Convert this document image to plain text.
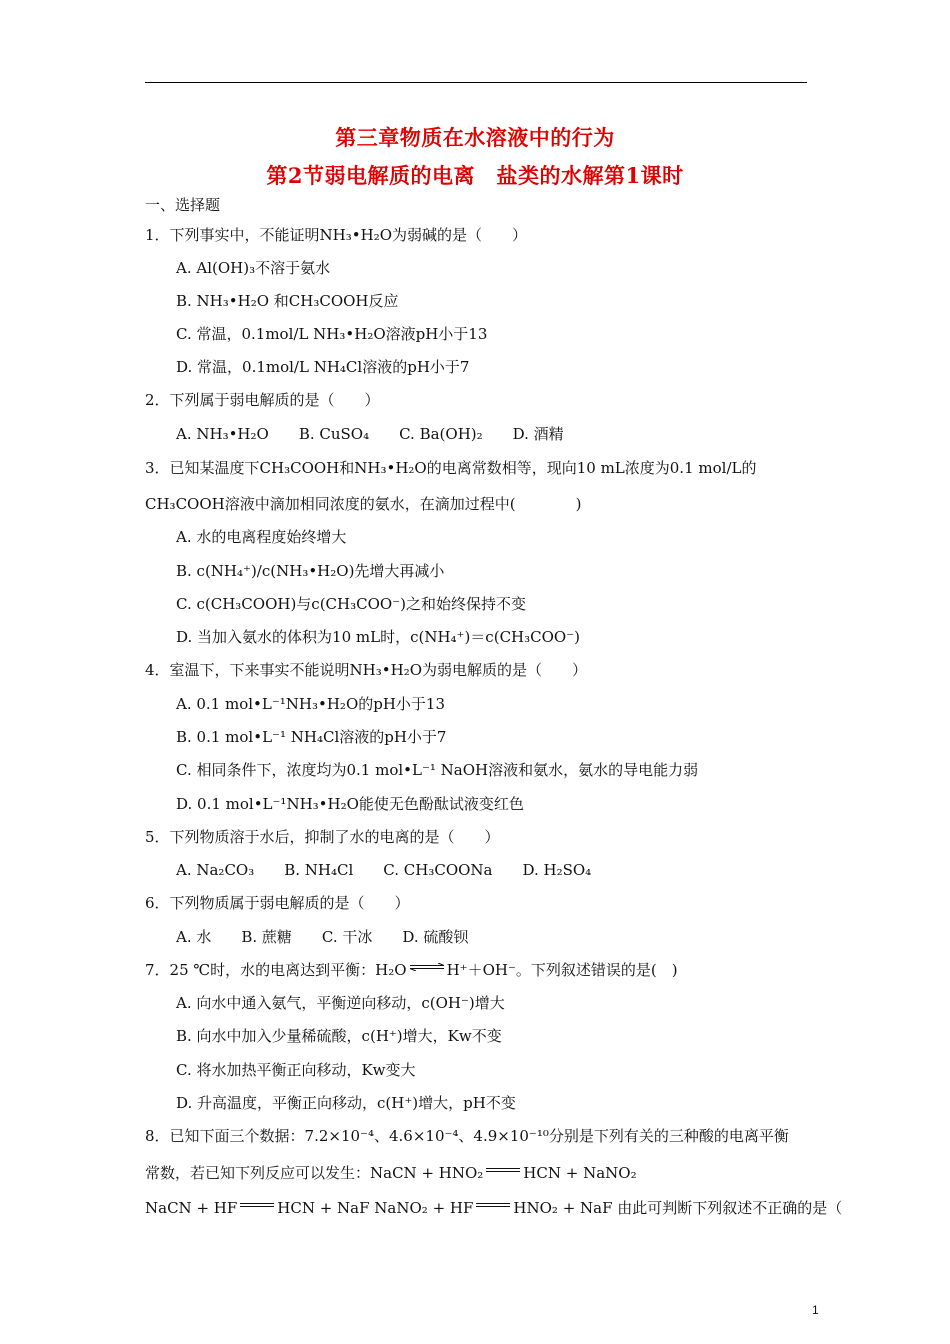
第三章物质在水溶液中的行为
第2节弱电解质的电离　盐类的水解第1课时
一、选择题
1．下列事实中，不能证明NH₃•H₂O为弱碱的是（　　）
A. Al(OH)₃不溶于氨水
B. NH₃•H₂O 和CH₃COOH反应
C. 常温，0.1mol/L NH₃•H₂O溶液pH小于13
D. 常温，0.1mol/L NH₄Cl溶液的pH小于7
2．下列属于弱电解质的是（　　）
A. NH₃•H₂O　　B. CuSO₄　　C. Ba(OH)₂　　D. 酒精
3．已知某温度下CH₃COOH和NH₃•H₂O的电离常数相等，现向10 mL浓度为0.1 mol/L的
CH₃COOH溶液中滴加相同浓度的氨水，在滴加过程中(　　　　)
A. 水的电离程度始终增大
B. c(NH₄⁺)/c(NH₃•H₂O)先增大再减小
C. c(CH₃COOH)与c(CH₃COO⁻)之和始终保持不变
D. 当加入氨水的体积为10 mL时，c(NH₄⁺)＝c(CH₃COO⁻)
4．室温下，下来事实不能说明NH₃•H₂O为弱电解质的是（　　）
A. 0.1 mol•L⁻¹NH₃•H₂O的pH小于13
B. 0.1 mol•L⁻¹ NH₄Cl溶液的pH小于7
C. 相同条件下，浓度均为0.1 mol•L⁻¹ NaOH溶液和氨水，氨水的导电能力弱
D. 0.1 mol•L⁻¹NH₃•H₂O能使无色酚酞试液变红色
5．下列物质溶于水后，抑制了水的电离的是（　　）
A. Na₂CO₃　　B. NH₄Cl　　C. CH₃COONa　　D. H₂SO₄
6．下列物质属于弱电解质的是（　　）
A. 水　　B. 蔗糖　　C. 干冰　　D. 硫酸钡
7．25 ℃时，水的电离达到平衡：H₂O ⇌ H⁺＋OH⁻。下列叙述错误的是(　)
A. 向水中通入氨气，平衡逆向移动，c(OH⁻)增大
B. 向水中加入少量稀硫酸，c(H⁺)增大，Kw不变
C. 将水加热平衡正向移动，Kw变大
D. 升高温度，平衡正向移动，c(H⁺)增大，pH不变
8．已知下面三个数据：7.2×10⁻⁴、4.6×10⁻⁴、4.9×10⁻¹⁰分别是下列有关的三种酸的电离平衡
常数，若已知下列反应可以发生：NaCN + HNO₂	HCN + NaNO₂
NaCN + HF	HCN + NaF NaNO₂ + HF	HNO₂ + NaF 由此可判断下列叙述不正确的是（
1
